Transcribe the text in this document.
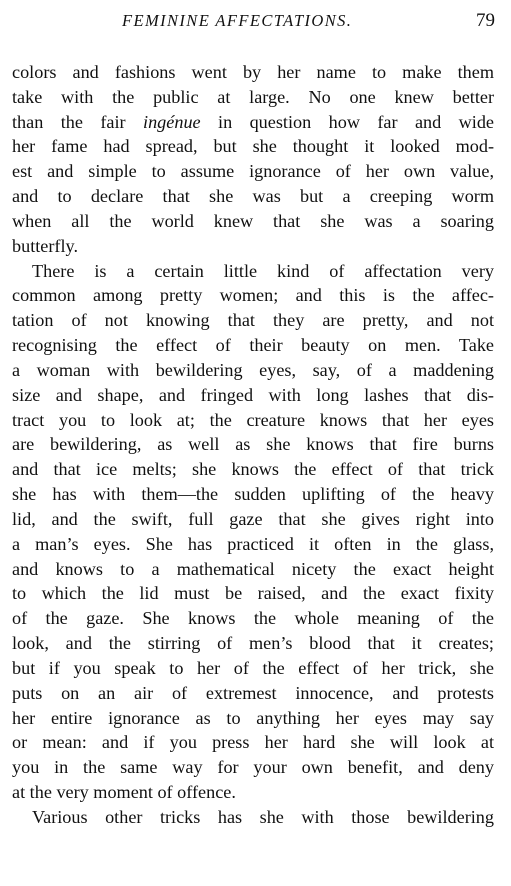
FEMININE AFFECTATIONS.	79
colors and fashions went by her name to make them
take with the public at large. No one knew better
than the fair ingénue in question how far and wide
her fame had spread, but she thought it looked mod-
est and simple to assume ignorance of her own value,
and to declare that she was but a creeping worm
when all the world knew that she was a soaring
butterfly.
There is a certain little kind of affectation very
common among pretty women; and this is the affec-
tation of not knowing that they are pretty, and not
recognising the effect of their beauty on men. Take
a woman with bewildering eyes, say, of a maddening
size and shape, and fringed with long lashes that dis-
tract you to look at; the creature knows that her eyes
are bewildering, as well as she knows that fire burns
and that ice melts; she knows the effect of that trick
she has with them—the sudden uplifting of the heavy
lid, and the swift, full gaze that she gives right into
a man’s eyes. She has practiced it often in the glass,
and knows to a mathematical nicety the exact height
to which the lid must be raised, and the exact fixity
of the gaze. She knows the whole meaning of the
look, and the stirring of men’s blood that it creates;
but if you speak to her of the effect of her trick, she
puts on an air of extremest innocence, and protests
her entire ignorance as to anything her eyes may say
or mean: and if you press her hard she will look at
you in the same way for your own benefit, and deny
at the very moment of offence.
Various other tricks has she with those bewildering
